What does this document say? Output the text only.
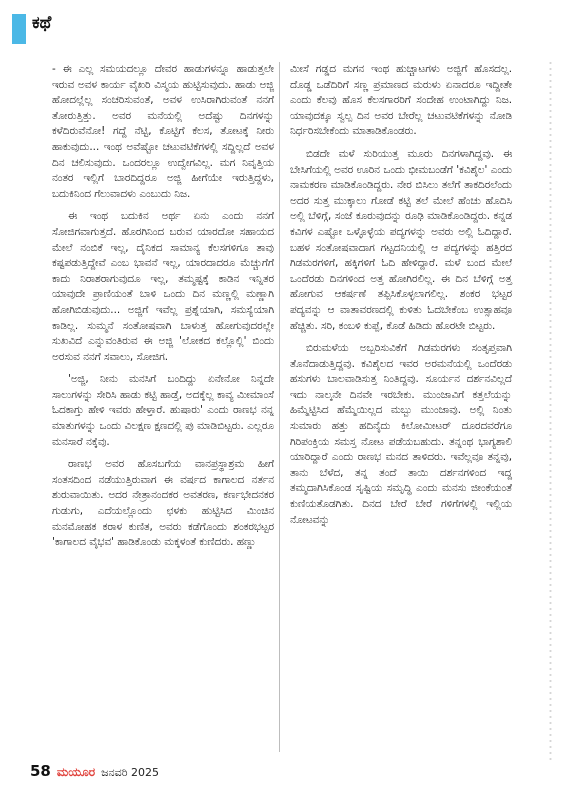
ಕಥೆ

- ಈ ಎಲ್ಲ ಸಮಯದಲ್ಲೂ ದೇವರ ಹಾಡುಗಳನ್ನೂ ಹಾಡುತ್ತಲೇ ಇರುವ ಅವಳ ಕಾರ್ಯ ವೈಖರಿ ವಿಸ್ಮಯ ಹುಟ್ಟಿಸುವುದು. ಹಾಡು ಅಜ್ಜಿ ಹೋದಲ್ಲೆಲ್ಲ ಸಂಚರಿಸುವಂತೆ, ಅವಳ ಉಸಿರಾಗಿರುವಂತೆ ನನಗೆ ತೋರುತ್ತಿತ್ತು. ಅವರ ಮನೆಯಲ್ಲಿ ಅದೆಷ್ಟು ದಿನಗಳನ್ನು ಕಳೆದಿರುವೆನೋ! ಗದ್ದೆ ನೆಟ್ಟಿ, ಕೊಟ್ಟಿಗೆ ಕೆಲಸ, ತೋಟಕ್ಕೆ ನೀರು ಹಾಕುವುದು... ಇಂಥ ಅವೆಷ್ಟೋ ಚಟುವಟಿಕೆಗಳಲ್ಲಿ ಸದ್ದಿಲ್ಲದೆ ಅವಳ ದಿನ ಚಲಿಸುವುದು. ಒಂದರಲ್ಲೂ ಉದ್ವೇಗವಿಲ್ಲ. ಮಗ ನಿವೃತ್ತಿಯ ನಂತರ ಇಲ್ಲಿಗೆ ಬಾರದಿದ್ದರೂ ಅಜ್ಜಿ ಹೀಗೆಯೇ ಇರುತ್ತಿದ್ದಳು, ಬದುಕಿನಿಂದ ಗೆಲುವಾದಳು ಎಂಬುದು ನಿಜ.

ಈ ಇಂಥ ಬದುಕಿನ ಅರ್ಥ ಏನು ಎಂದು ನನಗೆ ಸೋಜಿಗವಾಗುತ್ತದೆ. ಹೊರಗಿನಿಂದ ಬರುವ ಯಾರದೋ ಸಹಾಯದ ಮೇಲೆ ನಂಬಿಕೆ ಇಲ್ಲ, ದೈನಿಕದ ಸಾಮಾನ್ಯ ಕೆಲಸಗಳಿಗೂ ತಾವು ಕಷ್ಟಪಡುತ್ತಿದ್ದೇವೆ ಎಂಬ ಭಾವನೆ ಇಲ್ಲ, ಯಾರದಾದರೂ ಮೆಚ್ಚುಗೆಗೆ ಕಾದು ನಿರಾಶರಾಗುವುದೂ ಇಲ್ಲ, ತಮ್ಮಷ್ಟಕ್ಕೆ ಕಾಡಿನ ಇನ್ನಿತರ ಯಾವುದೇ ಪ್ರಾಣಿಯಂತೆ ಬಾಳಿ ಒಂದು ದಿನ ಮಣ್ಣಲ್ಲಿ ಮಣ್ಣಾಗಿ ಹೋಗಿಬಿಡುವುದು... ಅಜ್ಜಿಗೆ ಇವೆಲ್ಲ ಪ್ರಶ್ನೆಯಾಗಿ, ಸಮಸ್ಯೆಯಾಗಿ ಕಾಡಿಲ್ಲ. ಸುಮ್ಮನೆ ಸಂತೋಷವಾಗಿ ಬಾಳುತ್ತ ಹೋಗುವುದರಲ್ಲೇ ಸುಖವಿದೆ ಎನ್ನುವಂತಿರುವ ಈ ಅಜ್ಜಿ 'ಲೋಕದ ಕಲ್ಲೊಲ್ಲಿ' ಬಿಂದು ಅರಸುವ ನನಗೆ ಸವಾಲು, ಸೋಜಿಗ.

'ಅಜ್ಜಿ, ನೀನು ಮನಸಿಗೆ ಬಂದಿದ್ದು ಏನೇನೋ ನಿನ್ನದೇ ಸಾಲುಗಳನ್ನು ಸೇರಿಸಿ ಹಾಡು ಕಟ್ಟಿ ಹಾಡ್ತೆ, ಅದಕ್ಕೆಲ್ಲ ಕಾವ್ಯ ಮೀಮಾಂಸೆ ಓದಕಾಗ್ತು ಹೇಳಿ ಇವರು ಹೇಳ್ತಾರೆ. ಹುಷಾರು' ಎಂದು ರಾಣಭ ನನ್ನ ಮಾತುಗಳನ್ನು ಒಂದು ವಿಲಕ್ಷಣ ಕ್ಷಣದಲ್ಲಿ ಪು ಮಾಡಿಬಿಟ್ಟರು. ಎಲ್ಲರೂ ಮನಸಾರೆ ನಕ್ಕೆವು.

ರಾಣಭ ಅವರ ಹೊಸಬಗೆಯ ವಾನಪ್ರಸ್ಥಾಶ್ರಮ ಹೀಗೆ ಸಂತಸದಿಂದ ನಡೆಯುತ್ತಿರುವಾಗ ಈ ವರ್ಷದ ಕಾಗಾಲದ ನರ್ತನ ಶುರುವಾಯಿತು. ಅದರ ನೇತ್ರಾನಂದಕರ ಅವತರಣ, ಕರ್ಣಭೇದನಕರ ಗುಡುಗು, ಎದೆಯಲ್ಲೊಂದು ಛಳಕು ಹುಟ್ಟಿಸಿದ ಮಿಂಚಿನ ಮನಮೋಹಕ ಕರಾಳ ಕುಣಿತ, ಅವರು ಕಡೆಗೊಂದು ಶಂಕರಭಟ್ಟರ 'ಕಾಗಾಲದ ವೈಭವ' ಹಾಡಿಕೊಂಡು ಮಕ್ಕಳಂತೆ ಕುಣಿದರು. ಹಣ್ಣು

ಮೀಸೆ ಗಡ್ಡದ ಮಗನ ಇಂಥ ಹುಚ್ಚಾಟಗಳು ಅಜ್ಜಿಗೆ ಹೊಸದಲ್ಲ. ದೊಡ್ಡ ಒಡೆದಿರಿಗೆ ಸಣ್ಣ ಪ್ರಮಾಣದ ಮರುಳು ಏನಾದರೂ ಇದ್ದೀತೇ ಎಂದು ಕೆಲವು ಹೊಸ ಕೆಲಸಗಾರರಿಗೆ ಸಂದೇಹ ಉಂಟಾಗಿದ್ದು ನಿಜ. ಯಾವುದಕ್ಕೂ ಸ್ವಲ್ಪ ದಿನ ಅವರ ಬೇರೆಲ್ಲ ಚಟುವಟಿಕೆಗಳನ್ನು ನೋಡಿ ನಿರ್ಧರಿಸಬೇಕೆಂದು ಮಾತಾಡಿಕೊಂಡರು.

ಬಿಡದೇ ಮಳೆ ಸುರಿಯುತ್ತ ಮೂರು ದಿನಗಳಾಗಿದ್ದವು. ಈ ಬೇಸಿಗೆಯಲ್ಲಿ ಅವರ ಊರಿನ ಒಂದು ಭೀಮಬಂಡೆಗೆ 'ಕವಿಶೈಲ' ಎಂದು ನಾಮಕರಣ ಮಾಡಿಕೊಂಡಿದ್ದರು. ನೇರ ಬಿಸಿಲು ತಲೆಗೆ ತಾಕದಿರಲೆಂದು ಅದರ ಸುತ್ತ ಮುಕ್ಕಾಲು ಗೋಡೆ ಕಟ್ಟಿ ತಲೆ ಮೇಲೆ ಹೆಂಚು ಹೊದಿಸಿ ಅಲ್ಲಿ ಬೆಳಿಗ್ಗೆ, ಸಂಜೆ ಕೂರುವುದನ್ನು ರೂಢಿ ಮಾಡಿಕೊಂಡಿದ್ದರು. ಕನ್ನಡ ಕವಿಗಳ ಎಷ್ಟೋ ಒಳ್ಳೊಳ್ಳೆಯ ಪದ್ಯಗಳನ್ನು ಅವರು ಅಲ್ಲಿ ಓದಿದ್ದಾರೆ. ಬಹಳ ಸಂತೋಷವಾದಾಗ ಗಟ್ಟದನಿಯಲ್ಲಿ ಆ ಪದ್ಯಗಳನ್ನು ಹತ್ತಿರದ ಗಿಡಮರಗಳಿಗೆ, ಹಕ್ಕಿಗಳಿಗೆ ಓದಿ ಹೇಳಿದ್ದಾರೆ. ಮಳೆ ಬಂದ ಮೇಲೆ ಒಂದೆರಡು ದಿನಗಳಿಂದ ಅತ್ತ ಹೋಗಿರಲಿಲ್ಲ. ಈ ದಿನ ಬೆಳಿಗ್ಗೆ ಅತ್ತ ಹೋಗುವ ಆಕರ್ಷಣೆ ತಪ್ಪಿಸಿಕೊಳ್ಳಲಾಗಲಿಲ್ಲ. ಶಂಕರ ಭಟ್ಟರ ಪದ್ಯವನ್ನು ಆ ವಾತಾವರಣದಲ್ಲಿ ಕುಳಿತು ಓದಬೇಕೆಂಬ ಉತ್ಸಾಹವೂ ಹೆಚ್ಚಿತು. ಸರಿ, ಕಂಬಳಿ ಕುಪ್ಪೆ, ಕೊಡೆ ಹಿಡಿದು ಹೊರಟೇ ಬಿಟ್ಟರು.

ಬಿರುಮಳೆಯ ಅಬ್ಬರಿಸುವಿಕೆಗೆ ಗಿಡಮರಗಳು ಸಂತೃಪ್ತವಾಗಿ ತೊನೆದಾಡುತ್ತಿದ್ದವು. ಕವಿಶೈಲದ ಇವರ ಅರಮನೆಯಲ್ಲಿ ಒಂದೆರಡು ಹಸುಗಳು ಬಾಲವಾಡಿಸುತ್ತ ನಿಂತಿದ್ದವು. ಸೂರ್ಯನ ದರ್ಶನವಿಲ್ಲದೆ ಇದು ನಾಲ್ಕನೇ ದಿನವೇ ಇರಬೇಕು. ಮುಂಜಾವಿಗೆ ಕತ್ತಲೆಯನ್ನು ಹಿಮ್ಮೆಟ್ಟಿಸಿದ ಹೆಮ್ಮೆಯಿಲ್ಲದ ಮಬ್ಬು ಮುಂಜಾವು. ಅಲ್ಲಿ ನಿಂತು ಸುಮಾರು ಹತ್ತು ಹದಿನೈದು ಕಿಲೋಮೀಟರ್ ದೂರದವರೆಗೂ ಗಿರಿಪಂಕ್ತಿಯ ಸಮಸ್ತ ನೋಟ ಪಡೆಯಬಹುದು. ತನ್ನಂಥ ಭಾಗ್ಯಶಾಲಿ ಯಾರಿದ್ದಾರೆ ಎಂದು ರಾಣಭ ಮನದ ತಾಳಿದರು. ಇವೆಲ್ಲವೂ ತನ್ನವು, ತಾನು ಬೆಳೆದ, ತನ್ನ ತಂದೆ ತಾಯಿ ದರ್ಶನಗಳಿಂದ ಇದ್ದ ತಮ್ಮದಾಗಿಸಿಕೊಂಡ ಸೃಷ್ಟಿಯ ಸಮೃದ್ಧಿ ಎಂದು ಮನಸು ಜೀಂಕೆಯಂತೆ ಕುಣಿಯತೊಡಗಿತು. ದಿನದ ಬೇರೆ ಬೇರೆ ಗಳಿಗೆಗಳಲ್ಲಿ ಇಲ್ಲಿಯ ನೋಟವನ್ನು

58 ಮಯೂರ ಜನವರಿ 2025
